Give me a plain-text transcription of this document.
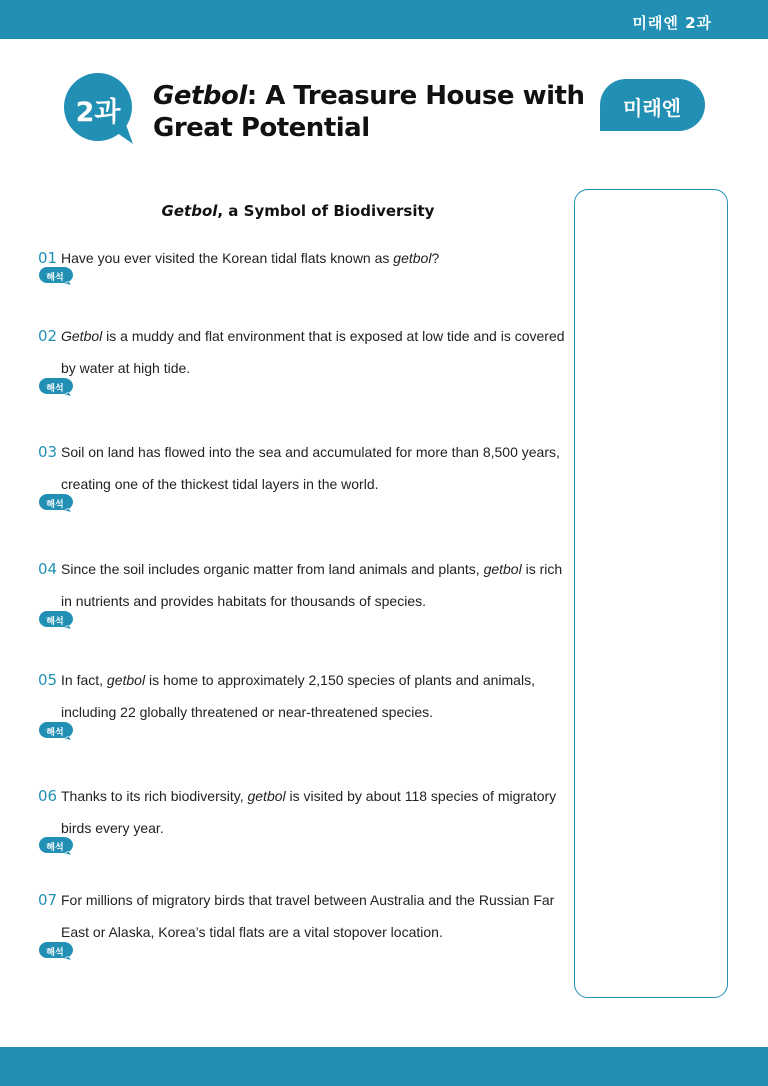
미래엔 2과
2과
Getbol: A Treasure House with
Great Potential
미래엔
Getbol, a Symbol of Biodiversity
01 Have you ever visited the Korean tidal flats known as getbol?
해석
02 Getbol is a muddy and flat environment that is exposed at low tide and is covered
by water at high tide.
해석
03 Soil on land has flowed into the sea and accumulated for more than 8,500 years,
creating one of the thickest tidal layers in the world.
해석
04 Since the soil includes organic matter from land animals and plants, getbol is rich
in nutrients and provides habitats for thousands of species.
해석
05 In fact, getbol is home to approximately 2,150 species of plants and animals,
including 22 globally threatened or near-threatened species.
해석
06 Thanks to its rich biodiversity, getbol is visited by about 118 species of migratory
birds every year.
해석
07 For millions of migratory birds that travel between Australia and the Russian Far
East or Alaska, Korea’s tidal flats are a vital stopover location.
해석
